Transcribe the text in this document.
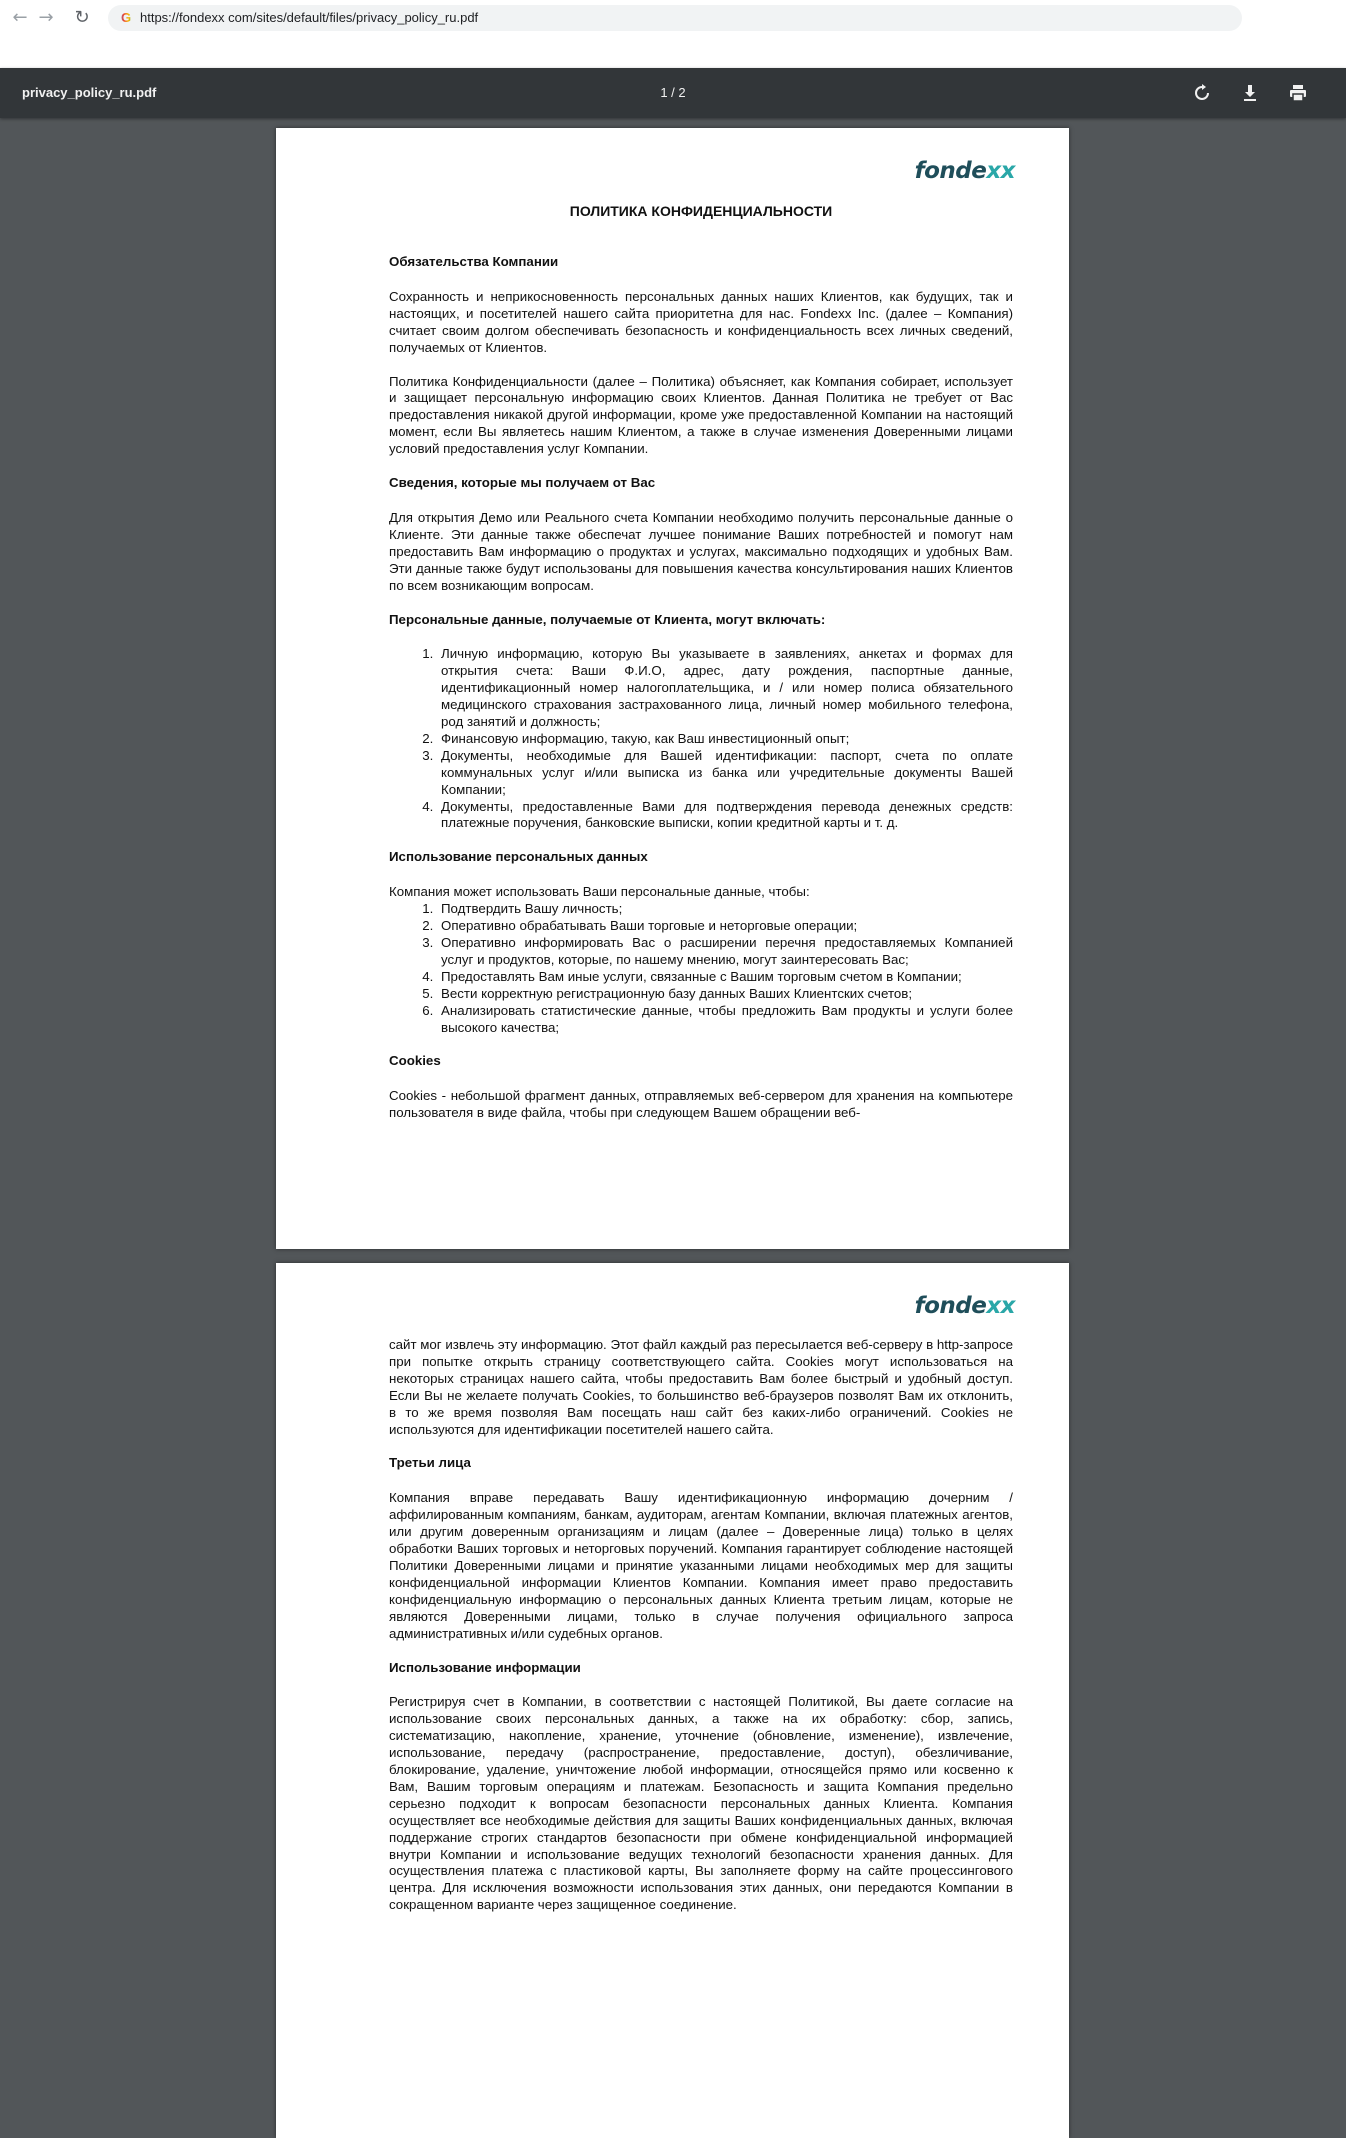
← → ↻	G https://fondexx com/sites/default/files/privacy_policy_ru.pdf
privacy_policy_ru.pdf	1 / 2
fondexx
ПОЛИТИКА КОНФИДЕНЦИАЛЬНОСТИ
Обязательства Компании
Сохранность и неприкосновенность персональных данных наших Клиентов, как будущих, так и настоящих, и посетителей нашего сайта приоритетна для нас. Fondexx Inc. (далее – Компания) считает своим долгом обеспечивать безопасность и конфиденциальность всех личных сведений, получаемых от Клиентов.
Политика Конфиденциальности (далее – Политика) объясняет, как Компания собирает, использует и защищает персональную информацию своих Клиентов. Данная Политика не требует от Вас предоставления никакой другой информации, кроме уже предоставленной Компании на настоящий момент, если Вы являетесь нашим Клиентом, а также в случае изменения Доверенными лицами условий предоставления услуг Компании.
Сведения, которые мы получаем от Вас
Для открытия Демо или Реального счета Компании необходимо получить персональные данные о Клиенте. Эти данные также обеспечат лучшее понимание Ваших потребностей и помогут нам предоставить Вам информацию о продуктах и услугах, максимально подходящих и удобных Вам. Эти данные также будут использованы для повышения качества консультирования наших Клиентов по всем возникающим вопросам.
Персональные данные, получаемые от Клиента, могут включать:
1. Личную информацию, которую Вы указываете в заявлениях, анкетах и формах для открытия счета: Ваши Ф.И.О, адрес, дату рождения, паспортные данные, идентификационный номер налогоплательщика, и / или номер полиса обязательного медицинского страхования застрахованного лица, личный номер мобильного телефона, род занятий и должность;
2. Финансовую информацию, такую, как Ваш инвестиционный опыт;
3. Документы, необходимые для Вашей идентификации: паспорт, счета по оплате коммунальных услуг и/или выписка из банка или учредительные документы Вашей Компании;
4. Документы, предоставленные Вами для подтверждения перевода денежных средств: платежные поручения, банковские выписки, копии кредитной карты и т. д.
Использование персональных данных
Компания может использовать Ваши персональные данные, чтобы:
1. Подтвердить Вашу личность;
2. Оперативно обрабатывать Ваши торговые и неторговые операции;
3. Оперативно информировать Вас о расширении перечня предоставляемых Компанией услуг и продуктов, которые, по нашему мнению, могут заинтересовать Вас;
4. Предоставлять Вам иные услуги, связанные с Вашим торговым счетом в Компании;
5. Вести корректную регистрационную базу данных Ваших Клиентских счетов;
6. Анализировать статистические данные, чтобы предложить Вам продукты и услуги более высокого качества;
Cookies
Cookies - небольшой фрагмент данных, отправляемых веб-сервером для хранения на компьютере пользователя в виде файла, чтобы при следующем Вашем обращении веб-
fondexx
сайт мог извлечь эту информацию. Этот файл каждый раз пересылается веб-серверу в http-запросе при попытке открыть страницу соответствующего сайта. Cookies могут использоваться на некоторых страницах нашего сайта, чтобы предоставить Вам более быстрый и удобный доступ. Если Вы не желаете получать Cookies, то большинство веб-браузеров позволят Вам их отклонить, в то же время позволяя Вам посещать наш сайт без каких-либо ограничений. Cookies не используются для идентификации посетителей нашего сайта.
Третьи лица
Компания вправе передавать Вашу идентификационную информацию дочерним / аффилированным компаниям, банкам, аудиторам, агентам Компании, включая платежных агентов, или другим доверенным организациям и лицам (далее – Доверенные лица) только в целях обработки Ваших торговых и неторговых поручений. Компания гарантирует соблюдение настоящей Политики Доверенными лицами и принятие указанными лицами необходимых мер для защиты конфиденциальной информации Клиентов Компании. Компания имеет право предоставить конфиденциальную информацию о персональных данных Клиента третьим лицам, которые не являются Доверенными лицами, только в случае получения официального запроса административных и/или судебных органов.
Использование информации
Регистрируя счет в Компании, в соответствии с настоящей Политикой, Вы даете согласие на использование своих персональных данных, а также на их обработку: сбор, запись, систематизацию, накопление, хранение, уточнение (обновление, изменение), извлечение, использование, передачу (распространение, предоставление, доступ), обезличивание, блокирование, удаление, уничтожение любой информации, относящейся прямо или косвенно к Вам, Вашим торговым операциям и платежам. Безопасность и защита Компания предельно серьезно подходит к вопросам безопасности персональных данных Клиента. Компания осуществляет все необходимые действия для защиты Ваших конфиденциальных данных, включая поддержание строгих стандартов безопасности при обмене конфиденциальной информацией внутри Компании и использование ведущих технологий безопасности хранения данных. Для осуществления платежа с пластиковой карты, Вы заполняете форму на сайте процессингового центра. Для исключения возможности использования этих данных, они передаются Компании в сокращенном варианте через защищенное соединение.
